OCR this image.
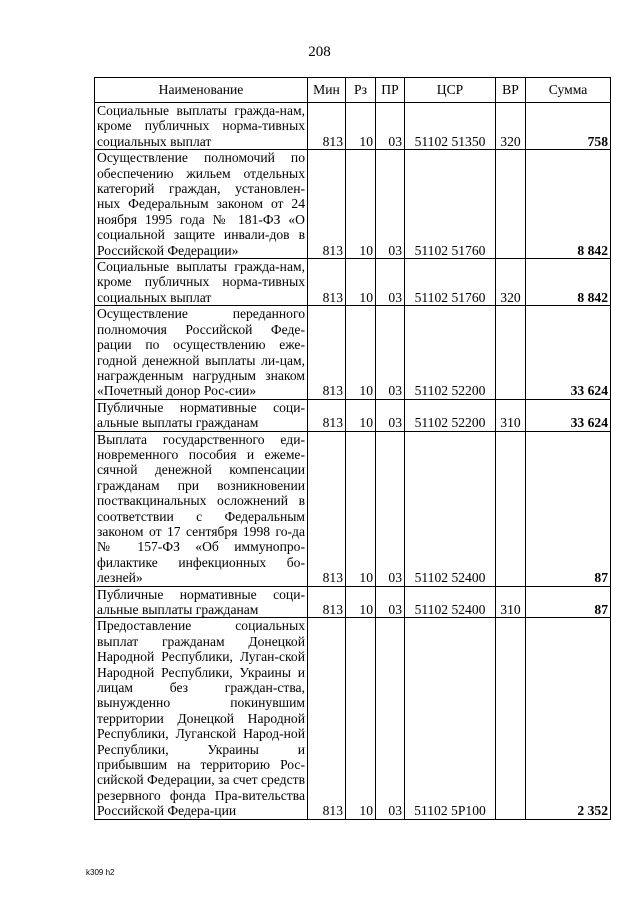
208
Наименование	Мин	Рз	ПР	ЦСР	ВР	Сумма
Социальные выплаты гражда-нам, кроме публичных норма-тивных социальных выплат	813	10	03	51102 51350	320	758
Осуществление полномочий по обеспечению жильем отдельных категорий граждан, установлен-ных Федеральным законом от 24 ноября 1995 года № 181-ФЗ «О социальной защите инвали-дов в Российской Федерации»	813	10	03	51102 51760		8 842
Социальные выплаты гражда-нам, кроме публичных норма-тивных социальных выплат	813	10	03	51102 51760	320	8 842
Осуществление переданного полномочия Российской Феде-рации по осуществлению еже-годной денежной выплаты ли-цам, награжденным нагрудным знаком «Почетный донор Рос-сии»	813	10	03	51102 52200		33 624
Публичные нормативные соци-альные выплаты гражданам	813	10	03	51102 52200	310	33 624
Выплата государственного еди-новременного пособия и ежеме-сячной денежной компенсации гражданам при возникновении поствакцинальных осложнений в соответствии с Федеральным законом от 17 сентября 1998 го-да № 157-ФЗ «Об иммунопро-филактике инфекционных бо-лезней»	813	10	03	51102 52400		87
Публичные нормативные соци-альные выплаты гражданам	813	10	03	51102 52400	310	87
Предоставление социальных выплат гражданам Донецкой Народной Республики, Луган-ской Народной Республики, Украины и лицам без граждан-ства, вынужденно покинувшим территории Донецкой Народной Республики, Луганской Народ-ной Республики, Украины и прибывшим на территорию Рос-сийской Федерации, за счет средств резервного фонда Пра-вительства Российской Федера-ции	813	10	03	51102 5Р100		2 352
k309 h2
